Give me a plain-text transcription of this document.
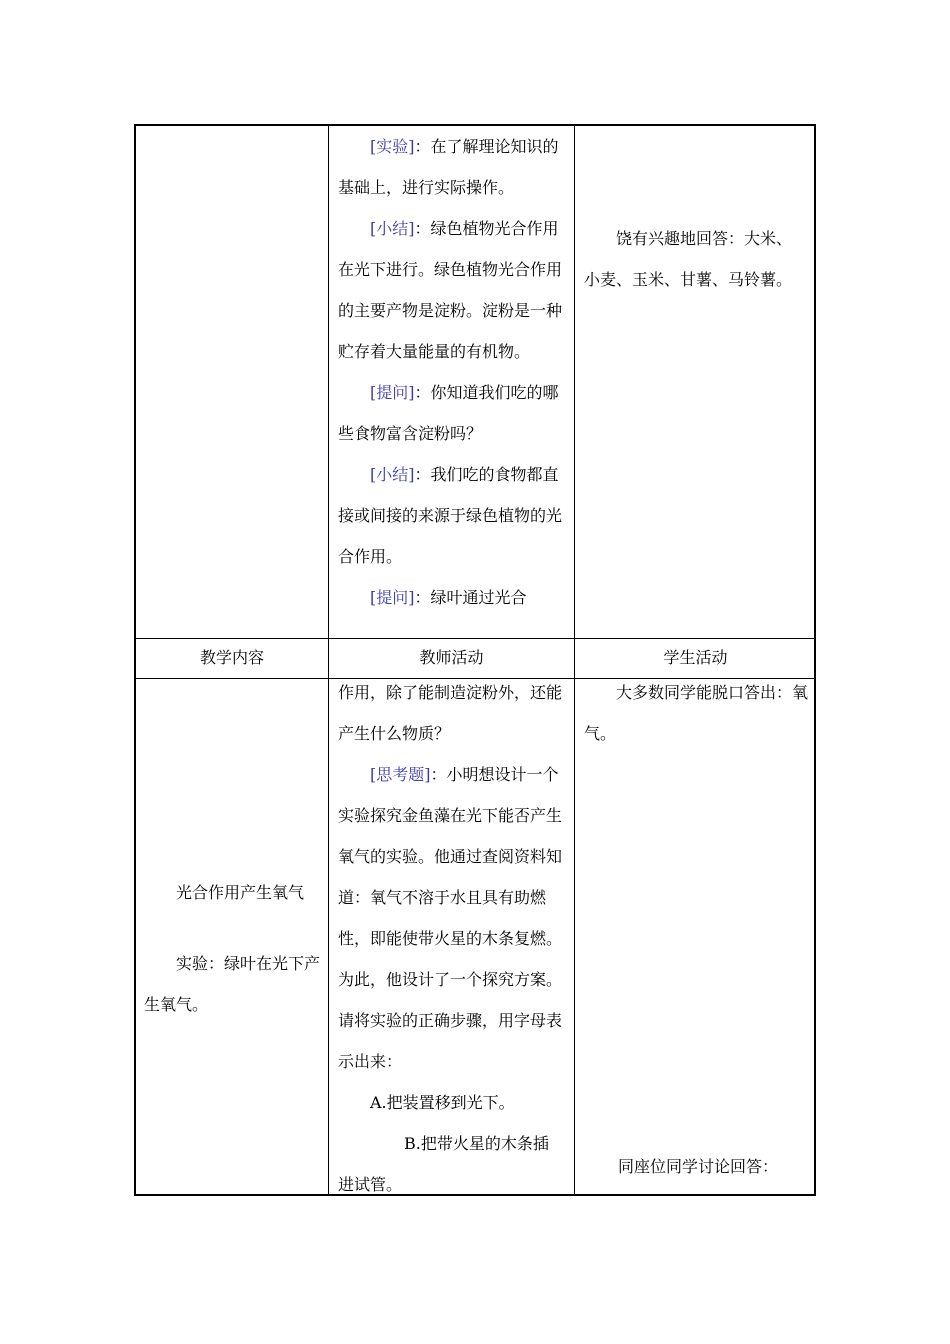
[实验]：在了解理论知识的基础上，进行实际操作。

[小结]：绿色植物光合作用在光下进行。绿色植物光合作用的主要产物是淀粉。淀粉是一种贮存着大量能量的有机物。

[提问]：你知道我们吃的哪些食物富含淀粉吗？

[小结]：我们吃的食物都直接或间接的来源于绿色植物的光合作用。

[提问]：绿叶通过光合

饶有兴趣地回答：大米、小麦、玉米、甘薯、马铃薯。

教学内容	教师活动	学生活动

光合作用产生氧气

实验：绿叶在光下产生氧气。

作用，除了能制造淀粉外，还能产生什么物质？

[思考题]：小明想设计一个实验探究金鱼藻在光下能否产生氧气的实验。他通过查阅资料知道：氧气不溶于水且具有助燃性，即能使带火星的木条复燃。为此，他设计了一个探究方案。请将实验的正确步骤，用字母表示出来：

A.把装置移到光下。

B.把带火星的木条插

进试管。

大多数同学能脱口答出：氧气。

同座位同学讨论回答：
